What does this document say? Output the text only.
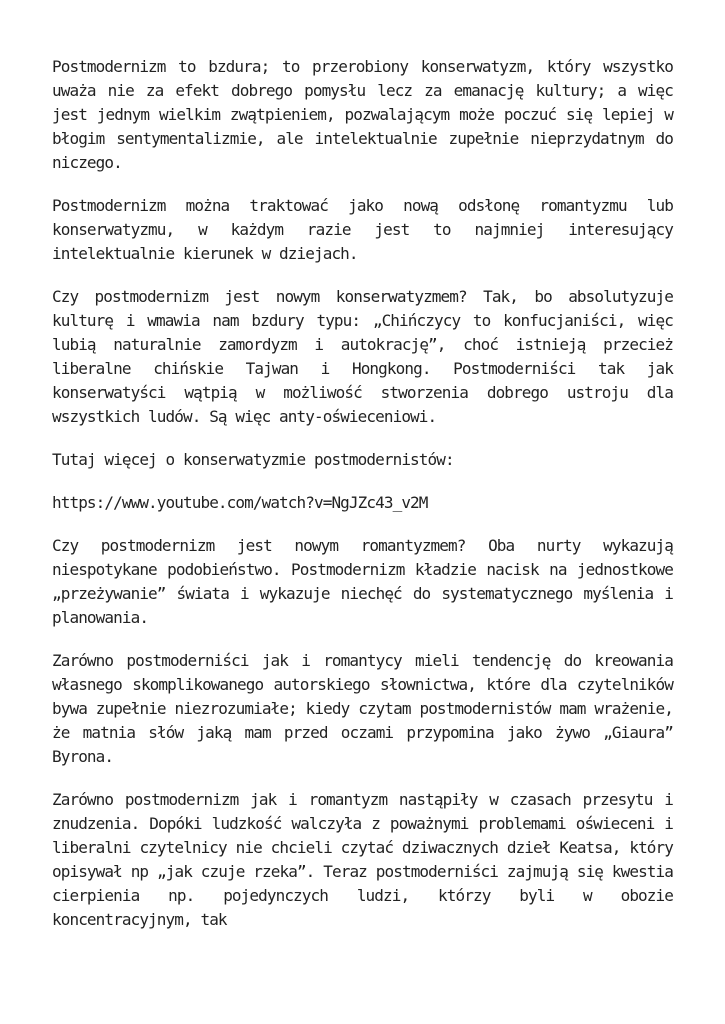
Postmodernizm to bzdura; to przerobiony konserwatyzm, który wszystko uważa nie za efekt dobrego pomysłu lecz za emanację kultury; a więc jest jednym wielkim zwątpieniem, pozwalającym może poczuć się lepiej w błogim sentymentalizmie, ale intelektualnie zupełnie nieprzydatnym do niczego.

Postmodernizm można traktować jako nową odsłonę romantyzmu lub konserwatyzmu, w każdym razie jest to najmniej interesujący intelektualnie kierunek w dziejach.

Czy postmodernizm jest nowym konserwatyzmem? Tak, bo absolutyzuje kulturę i wmawia nam bzdury typu: „Chińczycy to konfucjaniści, więc lubią naturalnie zamordyzm i autokrację”, choć istnieją przecież liberalne chińskie Tajwan i Hongkong. Postmoderniści tak jak konserwatyści wątpią w możliwość stworzenia dobrego ustroju dla wszystkich ludów. Są więc anty-oświeceniowi.

Tutaj więcej o konserwatyzmie postmodernistów:

https://www.youtube.com/watch?v=NgJZc43_v2M

Czy postmodernizm jest nowym romantyzmem? Oba nurty wykazują niespotykane podobieństwo. Postmodernizm kładzie nacisk na jednostkowe „przeżywanie” świata i wykazuje niechęć do systematycznego myślenia i planowania.

Zarówno postmoderniści jak i romantycy mieli tendencję do kreowania własnego skomplikowanego autorskiego słownictwa, które dla czytelników bywa zupełnie niezrozumiałe; kiedy czytam postmodernistów mam wrażenie, że matnia słów jaką mam przed oczami przypomina jako żywo „Giaura” Byrona.

Zarówno postmodernizm jak i romantyzm nastąpiły w czasach przesytu i znudzenia. Dopóki ludzkość walczyła z poważnymi problemami oświeceni i liberalni czytelnicy nie chcieli czytać dziwacznych dzieł Keatsa, który opisywał np „jak czuje rzeka”. Teraz postmoderniści zajmują się kwestia cierpienia np. pojedynczych ludzi, którzy byli w obozie koncentracyjnym, tak
